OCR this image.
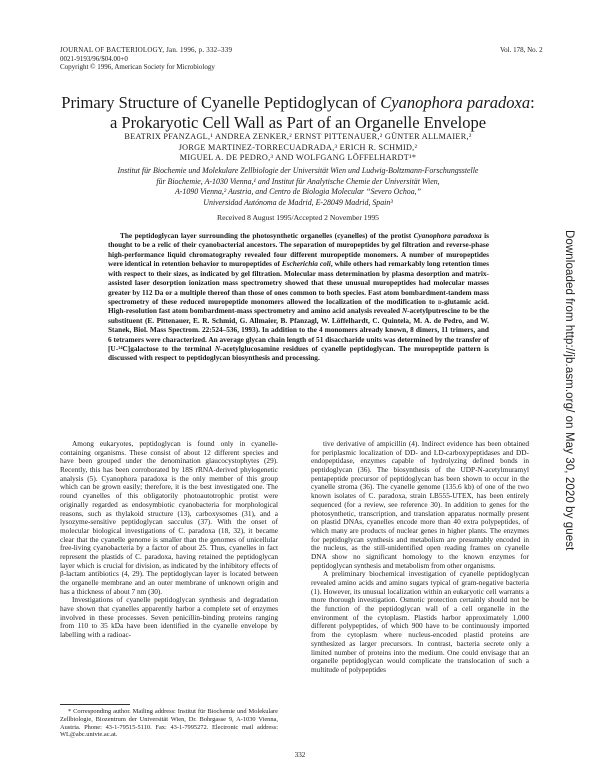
JOURNAL OF BACTERIOLOGY, Jan. 1996, p. 332–339
0021-9193/96/$04.00+0
Copyright © 1996, American Society for Microbiology
Vol. 178, No. 2
Primary Structure of Cyanelle Peptidoglycan of Cyanophora paradoxa:
a Prokaryotic Cell Wall as Part of an Organelle Envelope
BEATRIX PFANZAGL,¹ ANDREA ZENKER,² ERNST PITTENAUER,² GÜNTER ALLMAIER,²
JORGE MARTINEZ-TORRECUADRADA,³ ERICH R. SCHMID,²
MIGUEL A. DE PEDRO,³ AND WOLFGANG LÖFFELHARDT¹*
Institut für Biochemie und Molekulare Zellbiologie der Universität Wien und Ludwig-Boltzmann-Forschungsstelle
für Biochemie, A-1030 Vienna,¹ and Institut für Analytische Chemie der Universität Wien,
A-1090 Vienna,² Austria, and Centro de Biologia Molecular “Severo Ochoa,”
Universidad Autónoma de Madrid, E-28049 Madrid, Spain³
Received 8 August 1995/Accepted 2 November 1995

The peptidoglycan layer surrounding the photosynthetic organelles (cyanelles) of the protist Cyanophora paradoxa is thought to be a relic of their cyanobacterial ancestors. The separation of muropeptides by gel filtration and reverse-phase high-performance liquid chromatography revealed four different muropeptide monomers. A number of muropeptides were identical in retention behavior to muropeptides of Escherichia coli, while others had remarkably long retention times with respect to their sizes, as indicated by gel filtration. Molecular mass determination by plasma desorption and matrix-assisted laser desorption ionization mass spectrometry showed that these unusual muropeptides had molecular masses greater by 112 Da or a multiple thereof than those of ones common to both species. Fast atom bombardment-tandem mass spectrometry of these reduced muropeptide monomers allowed the localization of the modification to d-glutamic acid. High-resolution fast atom bombardment-mass spectrometry and amino acid analysis revealed N-acetylputrescine to be the substituent (E. Pittenauer, E. R. Schmid, G. Allmaier, B. Pfanzagl, W. Löffelhardt, C. Quintela, M. A. de Pedro, and W. Stanek, Biol. Mass Spectrom. 22:524–536, 1993). In addition to the 4 monomers already known, 8 dimers, 11 trimers, and 6 tetramers were characterized. An average glycan chain length of 51 disaccharide units was determined by the transfer of [U-¹⁴C]galactose to the terminal N-acetylglucosamine residues of cyanelle peptidoglycan. The muropeptide pattern is discussed with respect to peptidoglycan biosynthesis and processing.

Among eukaryotes, peptidoglycan is found only in cyanelle-containing organisms. These consist of about 12 different species and have been grouped under the denomination glaucocystophytes (29). Recently, this has been corroborated by 18S rRNA-derived phylogenetic analysis (5). Cyanophora paradoxa is the only member of this group which can be grown easily; therefore, it is the best investigated one. The round cyanelles of this obligatorily photoautotrophic protist were originally regarded as endosymbiotic cyanobacteria for morphological reasons, such as thylakoid structure (13), carboxysomes (31), and a lysozyme-sensitive peptidoglycan sacculus (37). With the onset of molecular biological investigations of C. paradoxa (18, 32), it became clear that the cyanelle genome is smaller than the genomes of unicellular free-living cyanobacteria by a factor of about 25. Thus, cyanelles in fact represent the plastids of C. paradoxa, having retained the peptidoglycan layer which is crucial for division, as indicated by the inhibitory effects of β-lactam antibiotics (4, 29). The peptidoglycan layer is located between the organelle membrane and an outer membrane of unknown origin and has a thickness of about 7 nm (30).

Investigations of cyanelle peptidoglycan synthesis and degradation have shown that cyanelles apparently harbor a complete set of enzymes involved in these processes. Seven penicillin-binding proteins ranging from 110 to 35 kDa have been identified in the cyanelle envelope by labelling with a radioac-

tive derivative of ampicillin (4). Indirect evidence has been obtained for periplasmic localization of DD- and LD-carboxypeptidases and DD-endopeptidase, enzymes capable of hydrolyzing defined bonds in peptidoglycan (36). The biosynthesis of the UDP-N-acetylmuramyl pentapeptide precursor of peptidoglycan has been shown to occur in the cyanelle stroma (36). The cyanelle genome (135.6 kb) of one of the two known isolates of C. paradoxa, strain LB555-UTEX, has been entirely sequenced (for a review, see reference 30). In addition to genes for the photosynthetic, transcription, and translation apparatus normally present on plastid DNAs, cyanelles encode more than 40 extra polypeptides, of which many are products of nuclear genes in higher plants. The enzymes for peptidoglycan synthesis and metabolism are presumably encoded in the nucleus, as the still-unidentified open reading frames on cyanelle DNA show no significant homology to the known enzymes for peptidoglycan synthesis and metabolism from other organisms.

A preliminary biochemical investigation of cyanelle peptidoglycan revealed amino acids and amino sugars typical of gram-negative bacteria (1). However, its unusual localization within an eukaryotic cell warrants a more thorough investigation. Osmotic protection certainly should not be the function of the peptidoglycan wall of a cell organelle in the environment of the cytoplasm. Plastids harbor approximately 1,000 different polypeptides, of which 900 have to be continuously imported from the cytoplasm where nucleus-encoded plastid proteins are synthesized as larger precursors. In contrast, bacteria secrete only a limited number of proteins into the medium. One could envisage that an organelle peptidoglycan would complicate the translocation of such a multitude of polypeptides

* Corresponding author. Mailing address: Institut für Biochemie und Molekulare Zellbiologie, Biozentrum der Universität Wien, Dr. Bohrgasse 9, A-1030 Vienna, Austria. Phone: 43-1-79515-5110. Fax: 43-1-7995272. Electronic mail address: WL@abc.univie.ac.at.

332
Downloaded from http://jb.asm.org/ on May 30, 2020 by guest
